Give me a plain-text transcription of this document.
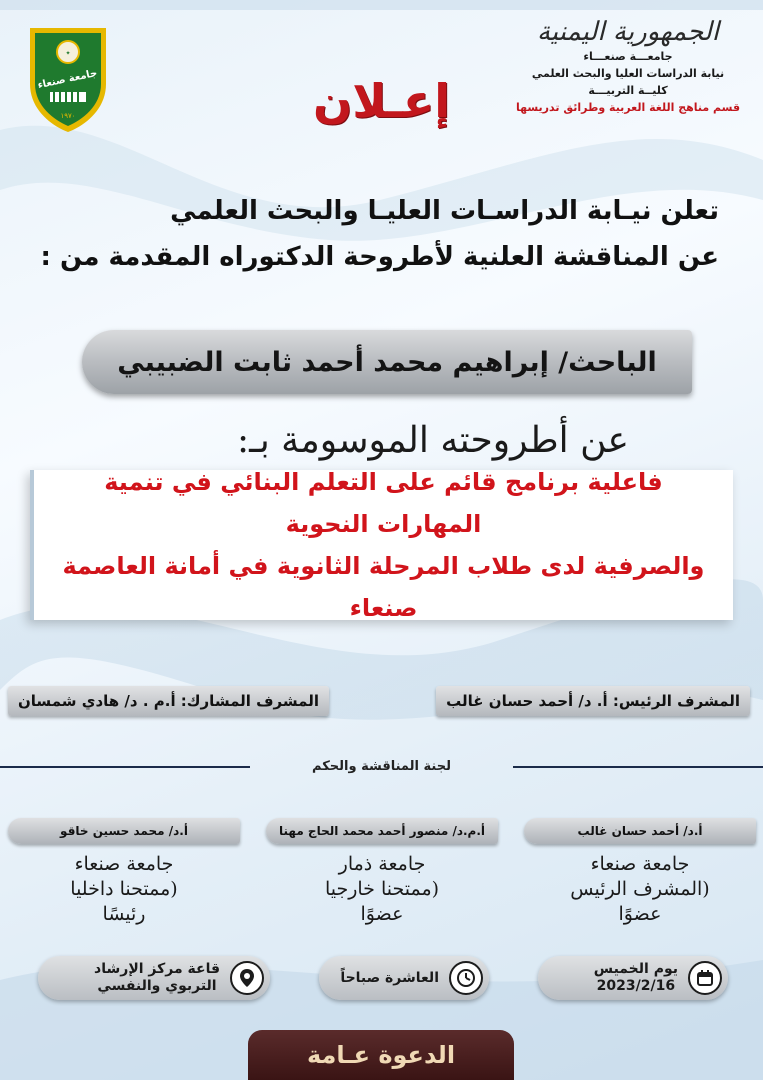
الجمهورية اليمنية
جامعـــة صنعـــاء
نيابة الدراسات العليا والبحث العلمي
كليــة التربيـــة
قسم مناهج اللغة العربية وطرائق تدريسها
✦
جامعة صنعاء
١٩٧٠	إعـلان
تعلن نيـابة الدراسـات العليـا والبحث العلمي
عن المناقشة العلنية لأطروحة الدكتوراه المقدمة من :
الباحث/ إبراهيم محمد أحمد ثابت الضبيبي
عن أطروحته الموسومة بـ:

فاعلية برنامج قائم على التعلم البنائي في تنمية المهارات النحوية
والصرفية لدى طلاب المرحلة الثانوية في أمانة العاصمة صنعاء

المشرف الرئيس: أ. د/ أحمد حسان غالب
المشرف المشارك: أ.م . د/ هادي شمسان
لجنة المناقشة والحكم
أ.د/ أحمد حسان غالب
جامعة صنعاء
(المشرف الرئيس
عضوًا
أ.م.د/ منصور أحمد محمد الحاج مهنا
جامعة ذمار
(ممتحنا خارجيا
عضوًا
أ.د/ محمد حسين خاقو
جامعة صنعاء
(ممتحنا داخليا
رئيسًا
يوم الخميس
2023/2/16
العاشرة صباحاً
قاعة مركز الإرشاد
التربوي والنفسي
الدعوة عـامة
